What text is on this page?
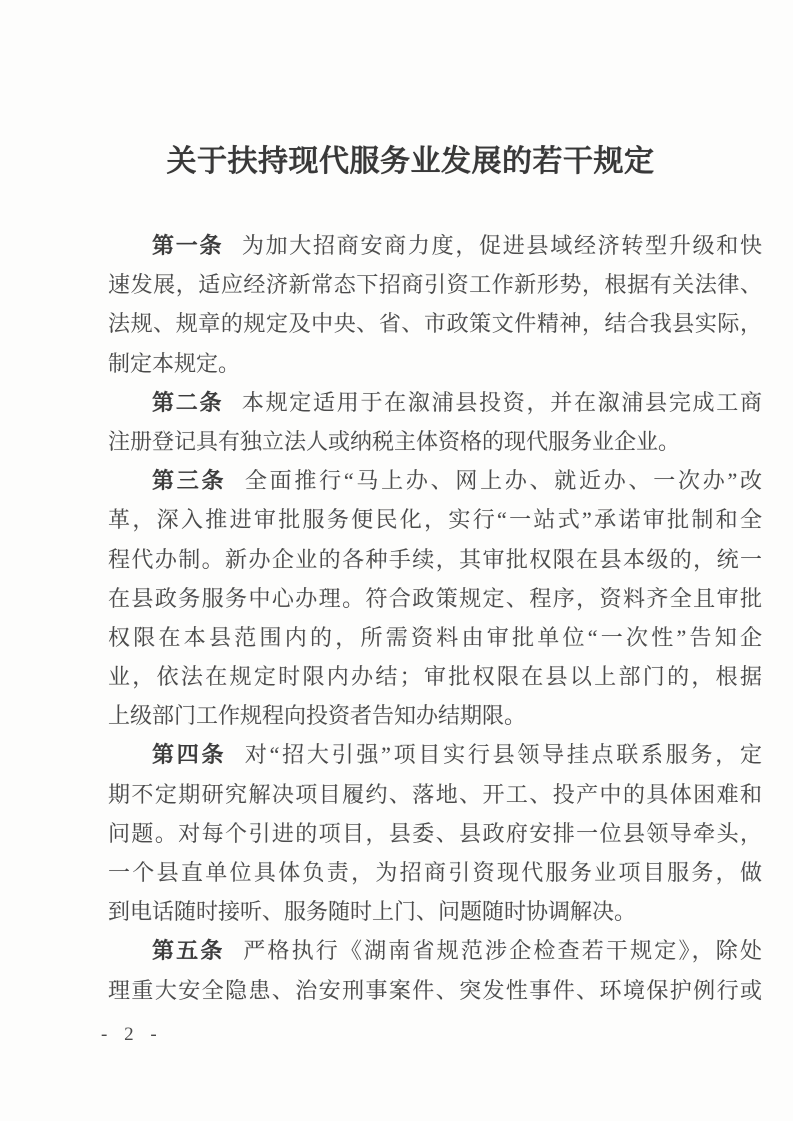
关于扶持现代服务业发展的若干规定
第一条 为加大招商安商力度，促进县域经济转型升级和快
速发展，适应经济新常态下招商引资工作新形势，根据有关法律、
法规、规章的规定及中央、省、市政策文件精神，结合我县实际，
制定本规定。
第二条 本规定适用于在溆浦县投资，并在溆浦县完成工商
注册登记具有独立法人或纳税主体资格的现代服务业企业。
第三条 全面推行“马上办、网上办、就近办、一次办”改
革，深入推进审批服务便民化，实行“一站式”承诺审批制和全
程代办制。新办企业的各种手续，其审批权限在县本级的，统一
在县政务服务中心办理。符合政策规定、程序，资料齐全且审批
权限在本县范围内的，所需资料由审批单位“一次性”告知企
业，依法在规定时限内办结；审批权限在县以上部门的，根据
上级部门工作规程向投资者告知办结期限。
第四条 对“招大引强”项目实行县领导挂点联系服务，定
期不定期研究解决项目履约、落地、开工、投产中的具体困难和
问题。对每个引进的项目，县委、县政府安排一位县领导牵头，
一个县直单位具体负责，为招商引资现代服务业项目服务，做
到电话随时接听、服务随时上门、问题随时协调解决。
第五条 严格执行《湖南省规范涉企检查若干规定》，除处
理重大安全隐患、治安刑事案件、突发性事件、环境保护例行或
- 2 -
